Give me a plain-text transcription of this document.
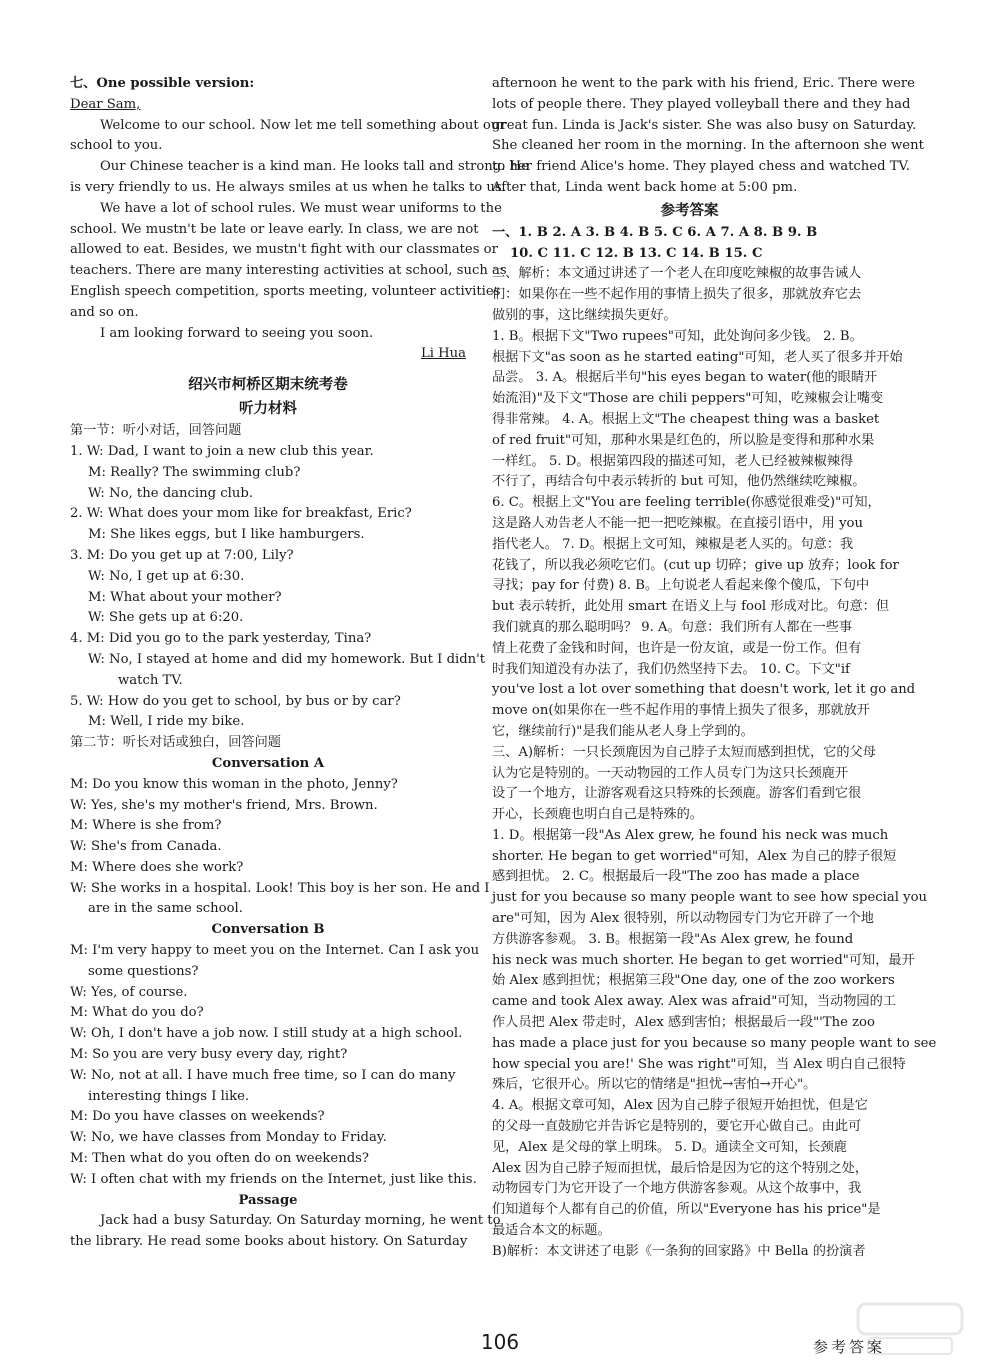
七、One possible version:
Dear Sam,
Welcome to our school. Now let me tell something about our
school to you.
Our Chinese teacher is a kind man. He looks tall and strong. He
is very friendly to us. He always smiles at us when he talks to us.
We have a lot of school rules. We must wear uniforms to the
school. We mustn't be late or leave early. In class, we are not
allowed to eat. Besides, we mustn't fight with our classmates or
teachers. There are many interesting activities at school, such as
English speech competition, sports meeting, volunteer activities
and so on.
I am looking forward to seeing you soon.
Li Hua
绍兴市柯桥区期末统考卷
听力材料
第一节：听小对话，回答问题
1. W: Dad, I want to join a new club this year.
M: Really? The swimming club?
W: No, the dancing club.
2. W: What does your mom like for breakfast, Eric?
M: She likes eggs, but I like hamburgers.
3. M: Do you get up at 7:00, Lily?
W: No, I get up at 6:30.
M: What about your mother?
W: She gets up at 6:20.
4. M: Did you go to the park yesterday, Tina?
W: No, I stayed at home and did my homework. But I didn't
watch TV.
5. W: How do you get to school, by bus or by car?
M: Well, I ride my bike.
第二节：听长对话或独白，回答问题
Conversation A
M: Do you know this woman in the photo, Jenny?
W: Yes, she's my mother's friend, Mrs. Brown.
M: Where is she from?
W: She's from Canada.
M: Where does she work?
W: She works in a hospital. Look! This boy is her son. He and I
are in the same school.
Conversation B
M: I'm very happy to meet you on the Internet. Can I ask you
some questions?
W: Yes, of course.
M: What do you do?
W: Oh, I don't have a job now. I still study at a high school.
M: So you are very busy every day, right?
W: No, not at all. I have much free time, so I can do many
interesting things I like.
M: Do you have classes on weekends?
W: No, we have classes from Monday to Friday.
M: Then what do you often do on weekends?
W: I often chat with my friends on the Internet, just like this.
Passage
Jack had a busy Saturday. On Saturday morning, he went to
the library. He read some books about history. On Saturday
afternoon he went to the park with his friend, Eric. There were
lots of people there. They played volleyball there and they had
great fun. Linda is Jack's sister. She was also busy on Saturday.
She cleaned her room in the morning. In the afternoon she went
to her friend Alice's home. They played chess and watched TV.
After that, Linda went back home at 5:00 pm.
参考答案
一、1. B 2. A 3. B 4. B 5. C 6. A 7. A 8. B 9. B
10. C 11. C 12. B 13. C 14. B 15. C
二、解析：本文通过讲述了一个老人在印度吃辣椒的故事告诫人
们：如果你在一些不起作用的事情上损失了很多，那就放弃它去
做别的事，这比继续损失更好。
1. B。根据下文"Two rupees"可知，此处询问多少钱。 2. B。
根据下文"as soon as he started eating"可知，老人买了很多并开始
品尝。 3. A。根据后半句"his eyes began to water(他的眼睛开
始流泪)"及下文"Those are chili peppers"可知，吃辣椒会让嘴变
得非常辣。 4. A。根据上文"The cheapest thing was a basket
of red fruit"可知，那种水果是红色的，所以脸是变得和那种水果
一样红。 5. D。根据第四段的描述可知，老人已经被辣椒辣得
不行了，再结合句中表示转折的 but 可知，他仍然继续吃辣椒。
6. C。根据上文"You are feeling terrible(你感觉很难受)"可知，
这是路人劝告老人不能一把一把吃辣椒。在直接引语中，用 you
指代老人。 7. D。根据上文可知，辣椒是老人买的。句意：我
花钱了，所以我必须吃它们。(cut up 切碎；give up 放弃；look for
寻找；pay for 付费) 8. B。上句说老人看起来像个傻瓜，下句中
but 表示转折，此处用 smart 在语义上与 fool 形成对比。句意：但
我们就真的那么聪明吗？ 9. A。句意：我们所有人都在一些事
情上花费了金钱和时间，也许是一份友谊，或是一份工作。但有
时我们知道没有办法了，我们仍然坚持下去。 10. C。下文"if
you've lost a lot over something that doesn't work, let it go and
move on(如果你在一些不起作用的事情上损失了很多，那就放开
它，继续前行)"是我们能从老人身上学到的。
三、A)解析：一只长颈鹿因为自己脖子太短而感到担忧，它的父母
认为它是特别的。一天动物园的工作人员专门为这只长颈鹿开
设了一个地方，让游客观看这只特殊的长颈鹿。游客们看到它很
开心，长颈鹿也明白自己是特殊的。
1. D。根据第一段"As Alex grew, he found his neck was much
shorter. He began to get worried"可知，Alex 为自己的脖子很短
感到担忧。 2. C。根据最后一段"The zoo has made a place
just for you because so many people want to see how special you
are"可知，因为 Alex 很特别，所以动物园专门为它开辟了一个地
方供游客参观。 3. B。根据第一段"As Alex grew, he found
his neck was much shorter. He began to get worried"可知，最开
始 Alex 感到担忧；根据第三段"One day, one of the zoo workers
came and took Alex away. Alex was afraid"可知，当动物园的工
作人员把 Alex 带走时，Alex 感到害怕；根据最后一段"'The zoo
has made a place just for you because so many people want to see
how special you are!' She was right"可知，当 Alex 明白自己很特
殊后，它很开心。所以它的情绪是"担忧→害怕→开心"。
4. A。根据文章可知，Alex 因为自己脖子很短开始担忧，但是它
的父母一直鼓励它并告诉它是特别的，要它开心做自己。由此可
见，Alex 是父母的掌上明珠。 5. D。通读全文可知，长颈鹿
Alex 因为自己脖子短而担忧，最后恰是因为它的这个特别之处，
动物园专门为它开设了一个地方供游客参观。从这个故事中，我
们知道每个人都有自己的价值，所以"Everyone has his price"是
最适合本文的标题。
B)解析：本文讲述了电影《一条狗的回家路》中 Bella 的扮演者
106	参考答案
